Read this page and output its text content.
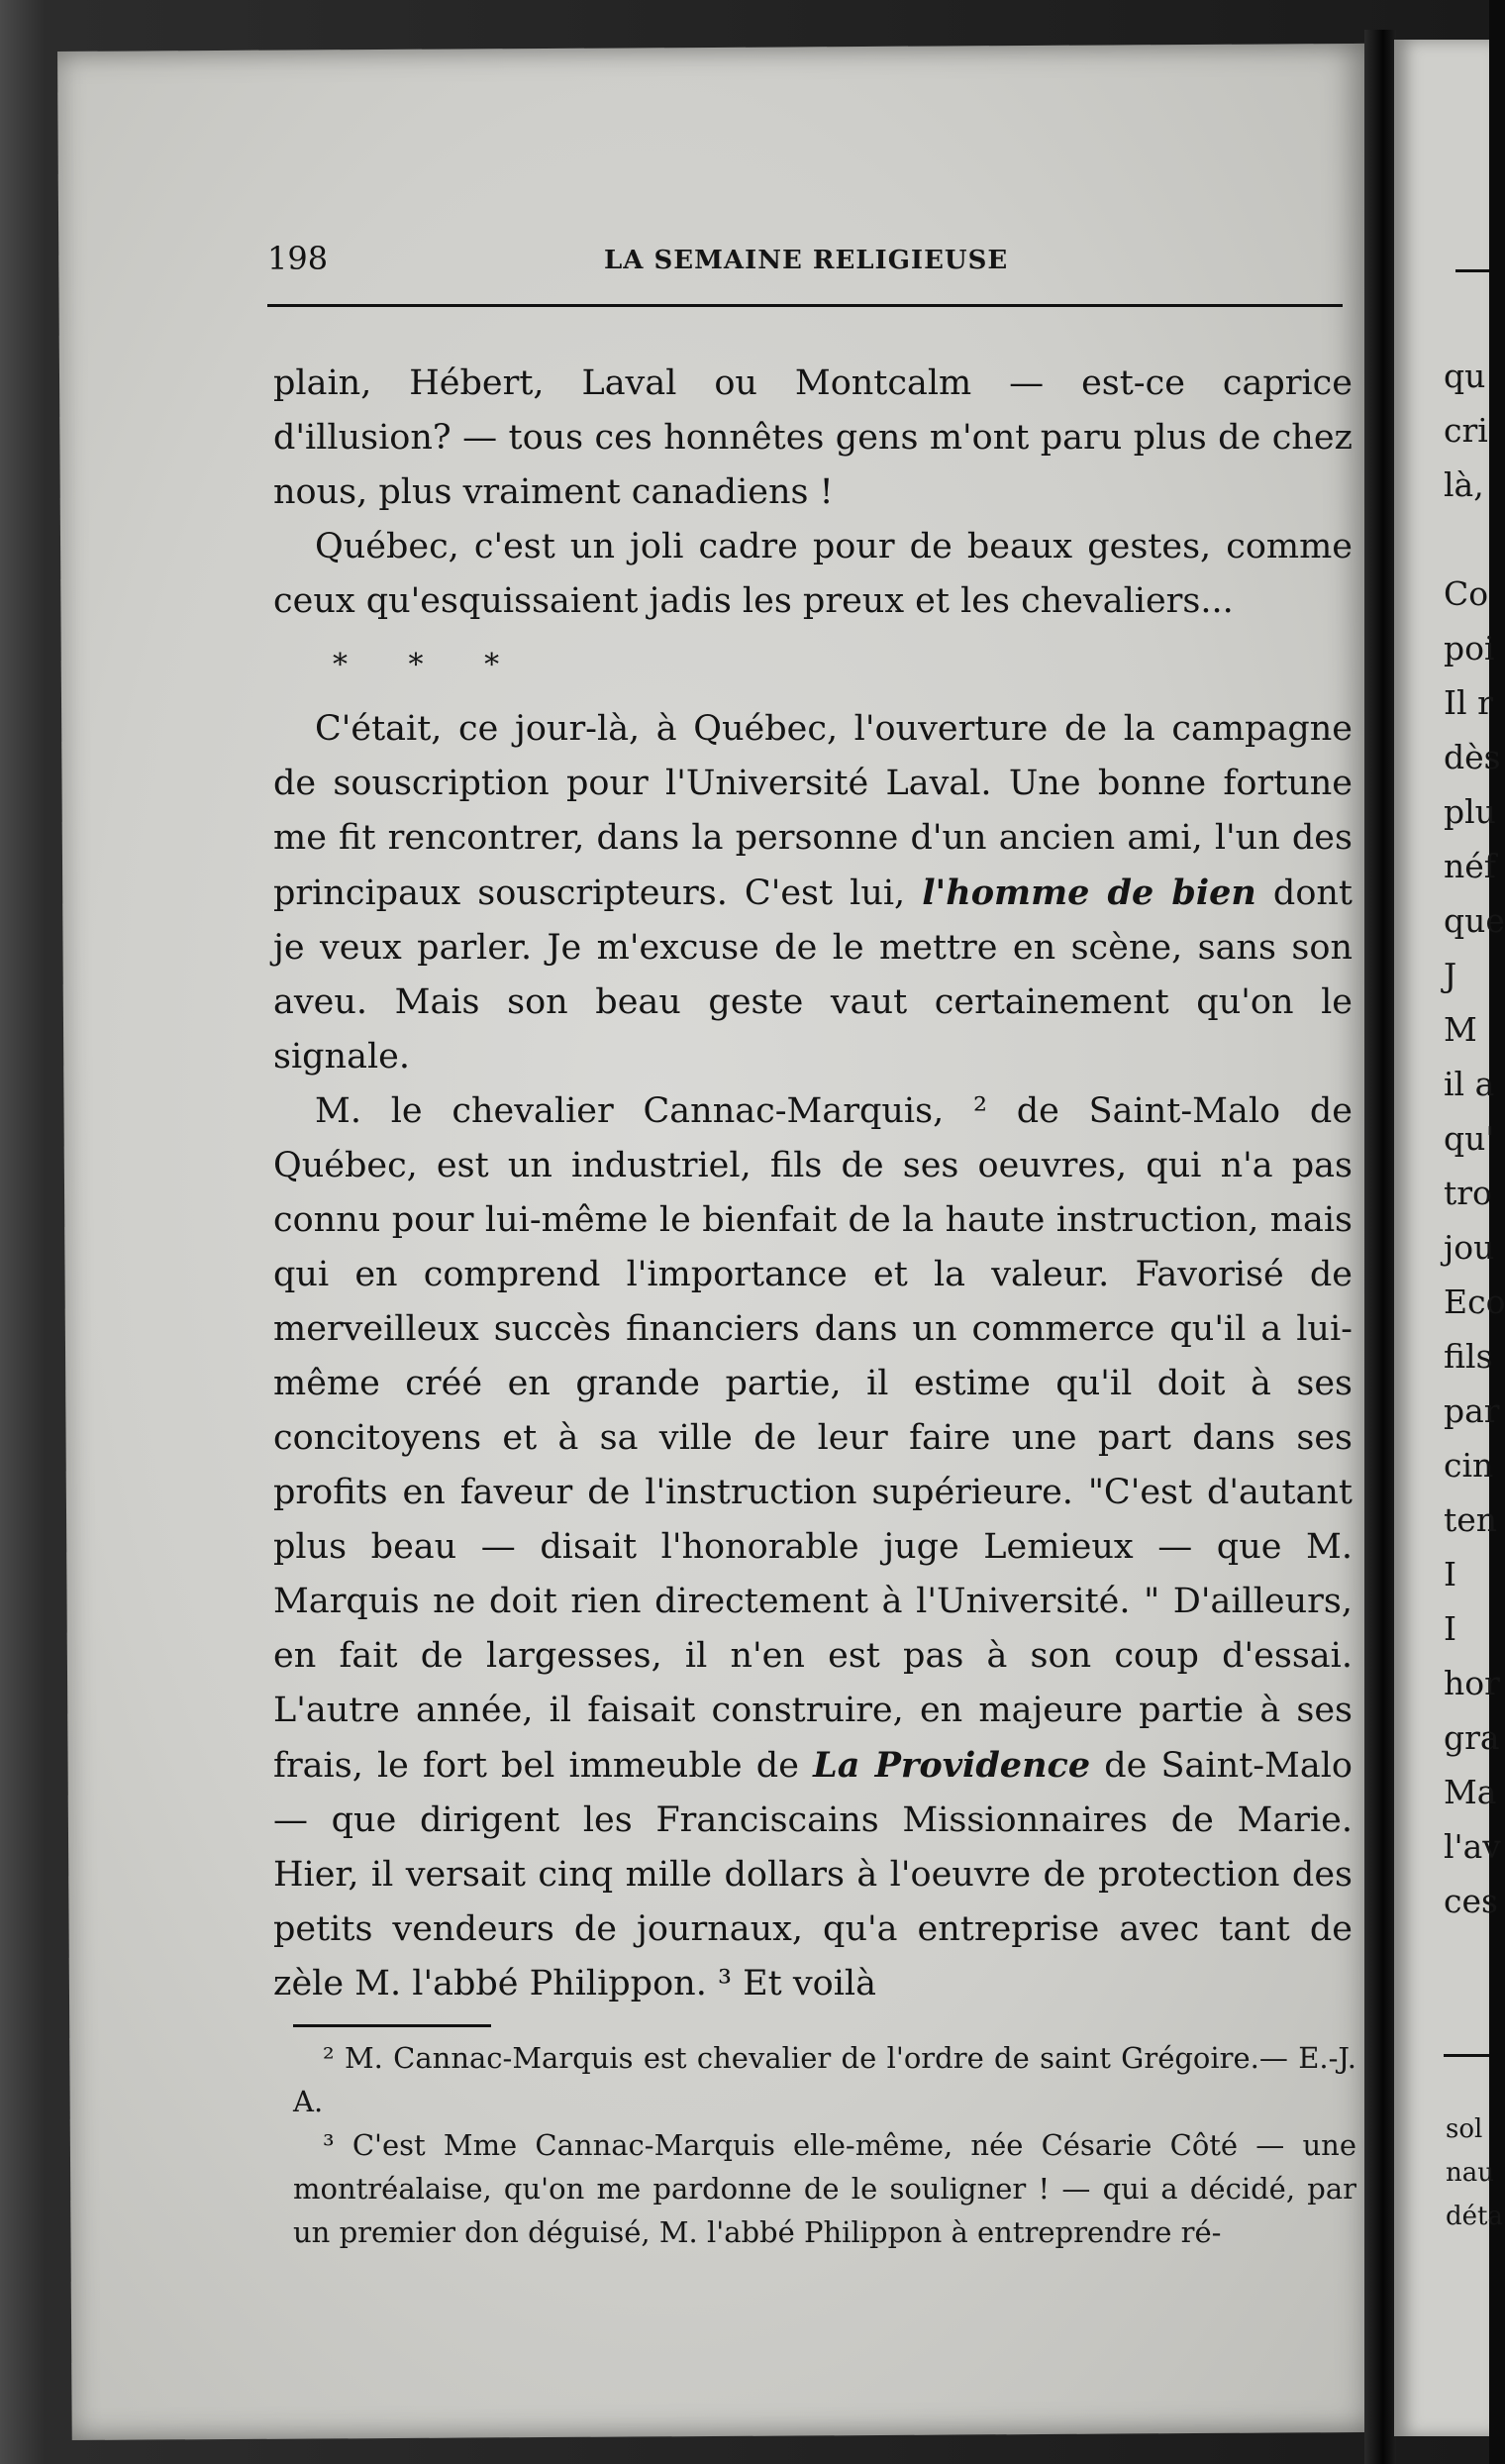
198	LA SEMAINE RELIGIEUSE

plain, Hébert, Laval ou Montcalm — est-ce caprice d'illusion? — tous ces honnêtes gens m'ont paru plus de chez nous, plus vraiment canadiens !

Québec, c'est un joli cadre pour de beaux gestes, comme ceux qu'esquissaient jadis les preux et les chevaliers...

* * *

C'était, ce jour-là, à Québec, l'ouverture de la campagne de souscription pour l'Université Laval. Une bonne fortune me fit rencontrer, dans la personne d'un ancien ami, l'un des principaux souscripteurs. C'est lui, l'homme de bien dont je veux parler. Je m'excuse de le mettre en scène, sans son aveu. Mais son beau geste vaut certainement qu'on le signale.

M. le chevalier Cannac-Marquis, ² de Saint-Malo de Québec, est un industriel, fils de ses oeuvres, qui n'a pas connu pour lui-même le bienfait de la haute instruction, mais qui en comprend l'importance et la valeur. Favorisé de merveilleux succès financiers dans un commerce qu'il a lui-même créé en grande partie, il estime qu'il doit à ses concitoyens et à sa ville de leur faire une part dans ses profits en faveur de l'instruction supérieure. "C'est d'autant plus beau — disait l'honorable juge Lemieux — que M. Marquis ne doit rien directement à l'Université. " D'ailleurs, en fait de largesses, il n'en est pas à son coup d'essai. L'autre année, il faisait construire, en majeure partie à ses frais, le fort bel immeuble de La Providence de Saint-Malo — que dirigent les Franciscains Missionnaires de Marie. Hier, il versait cinq mille dollars à l'oeuvre de protection des petits vendeurs de journaux, qu'a entreprise avec tant de zèle M. l'abbé Philippon. ³ Et voilà

² M. Cannac-Marquis est chevalier de l'ordre de saint Grégoire.— E.-J. A.

³ C'est Mme Cannac-Marquis elle-même, née Césarie Côté — une montréalaise, qu'on me pardonne de le souligner ! — qui a décidé, par un premier don déguisé, M. l'abbé Philippon à entreprendre ré-

qu
cri
là,
Co
poi
Il r
dès
plu
néf
que
J
M
il a
qu'
tro
jou
Eco
fils
par
cin
ten
I
I
hor
gra
Ma
l'av
ces
sol
nau
déta
